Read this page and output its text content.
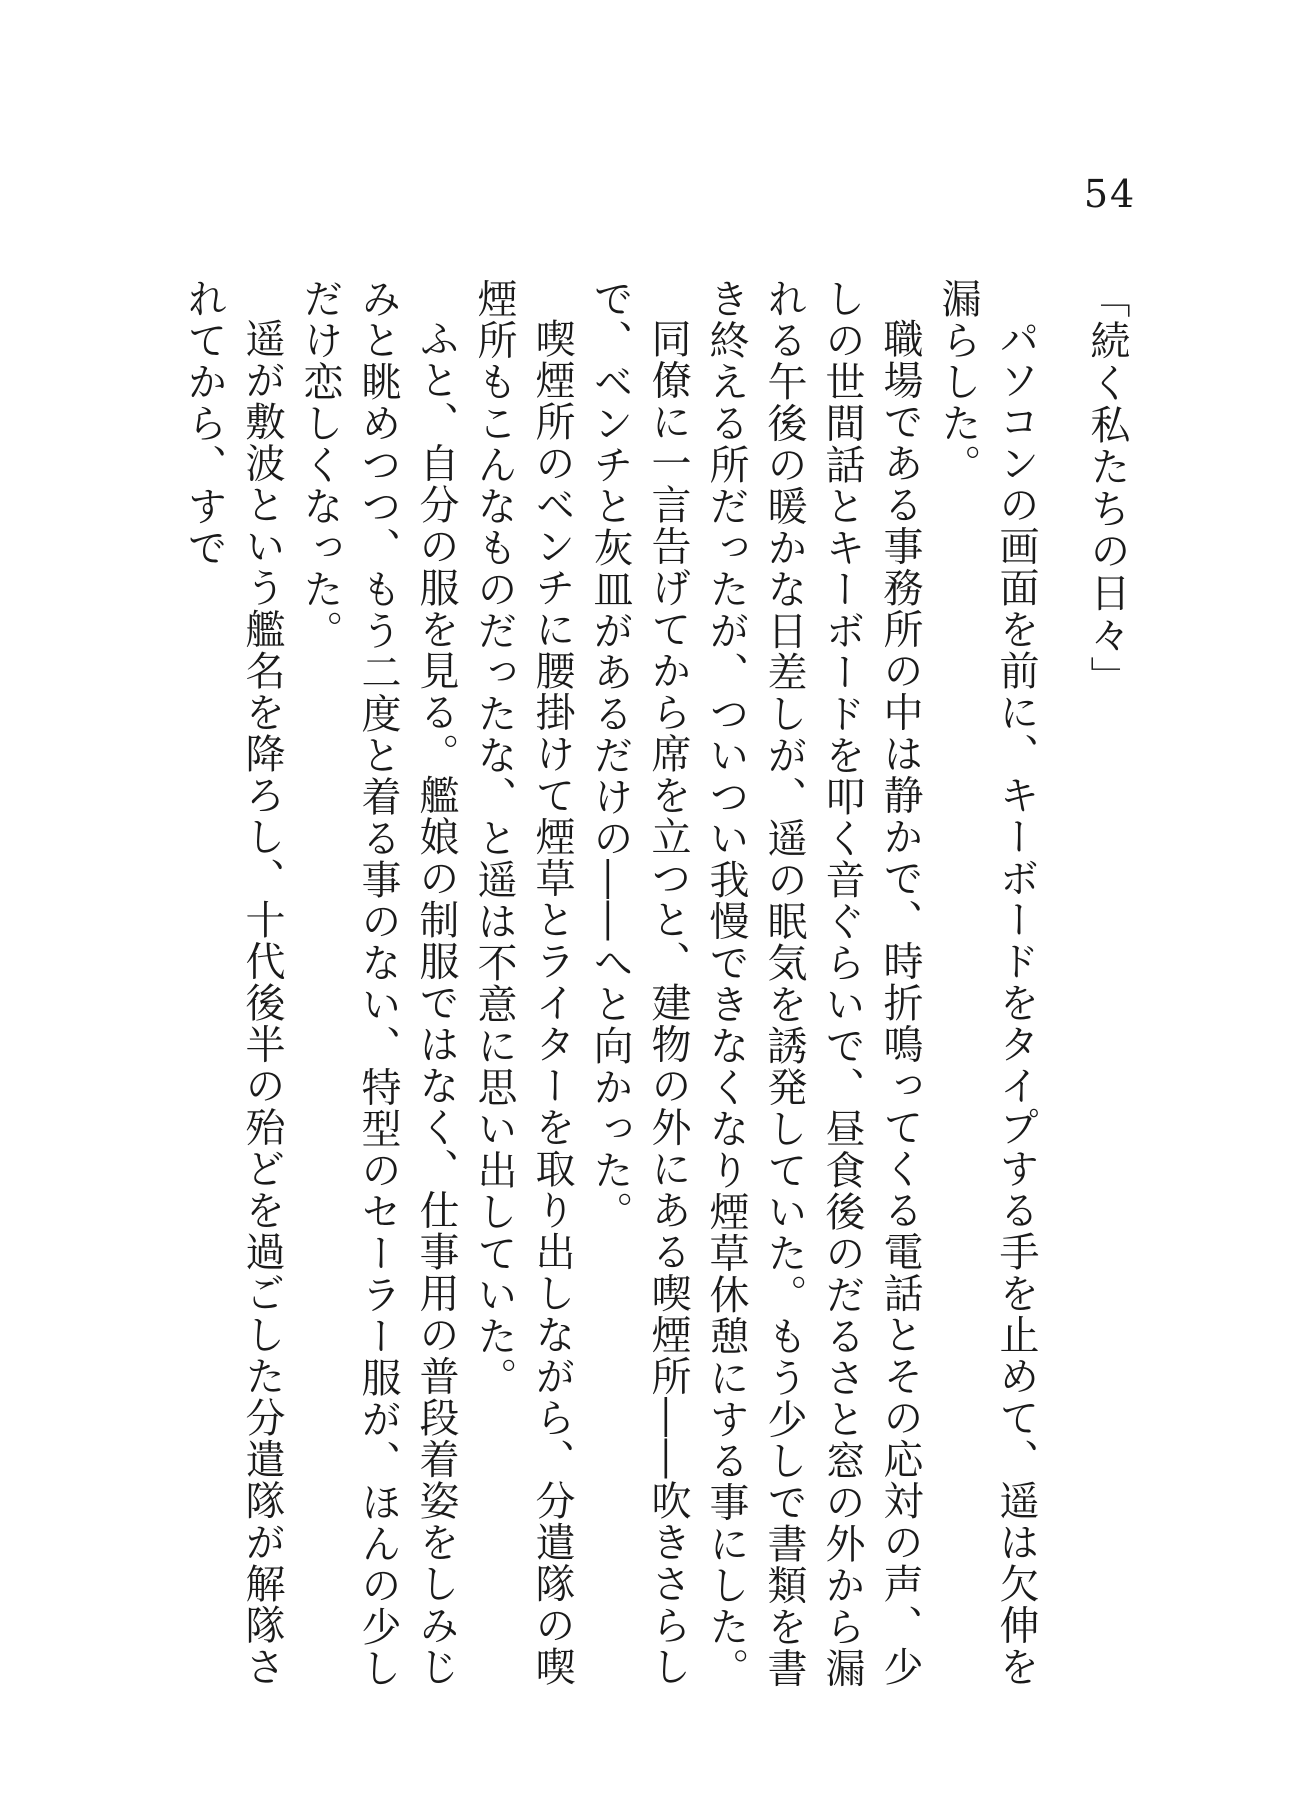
54
「続く私たちの日々」

パソコンの画面を前に、キーボードをタイプする手を止めて、遥は欠伸を漏らした。

職場である事務所の中は静かで、時折鳴ってくる電話とその応対の声、少しの世間話とキーボードを叩く音ぐらいで、昼食後のだるさと窓の外から漏れる午後の暖かな日差しが、遥の眠気を誘発していた。もう少しで書類を書き終える所だったが、ついつい我慢できなくなり煙草休憩にする事にした。

同僚に一言告げてから席を立つと、建物の外にある喫煙所――吹きさらしで、ベンチと灰皿があるだけの――へと向かった。

喫煙所のベンチに腰掛けて煙草とライターを取り出しながら、分遣隊の喫煙所もこんなものだったな、と遥は不意に思い出していた。

ふと、自分の服を見る。艦娘の制服ではなく、仕事用の普段着姿をしみじみと眺めつつ、もう二度と着る事のない、特型のセーラー服が、ほんの少しだけ恋しくなった。

遥が敷波という艦名を降ろし、十代後半の殆どを過ごした分遣隊が解隊されてから、すで
